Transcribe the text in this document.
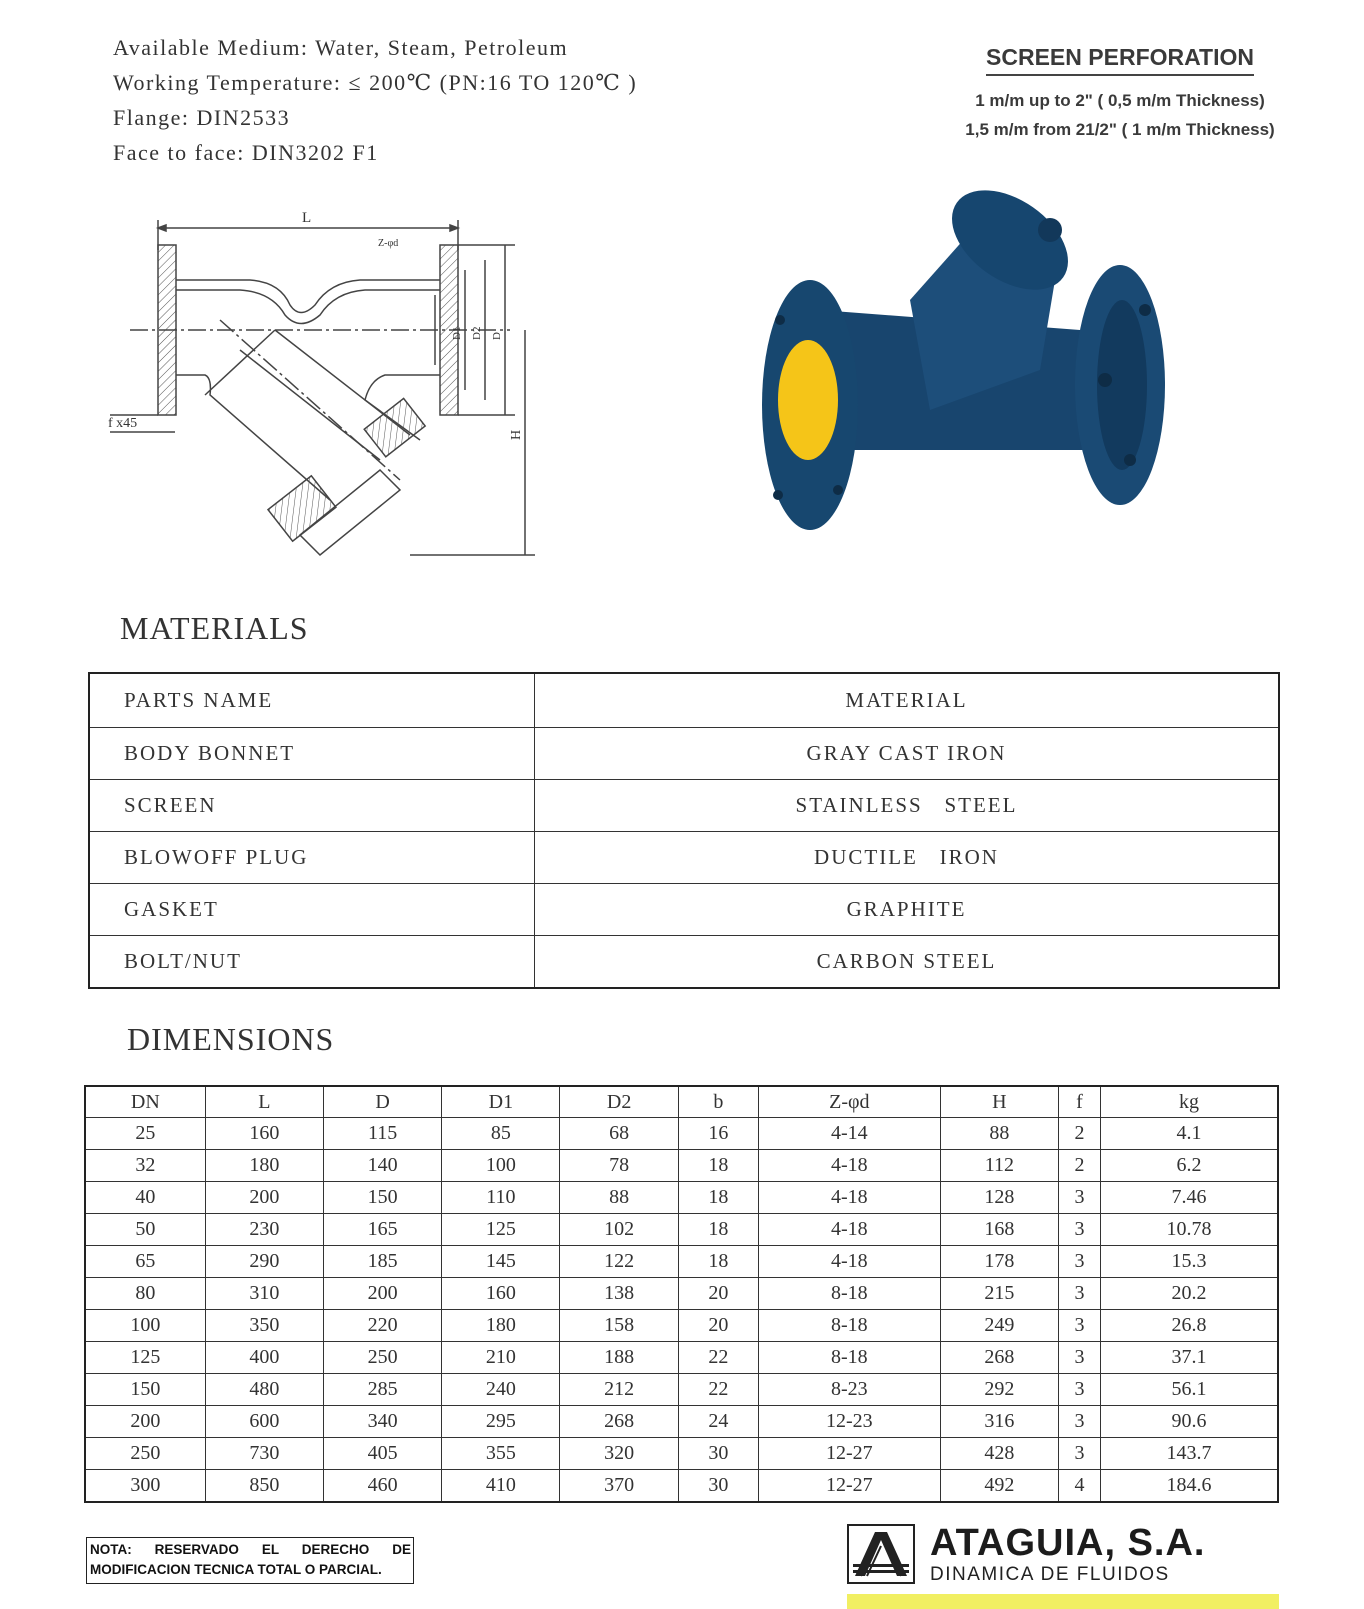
Available Medium: Water, Steam, Petroleum
Working Temperature: ≤ 200℃ (PN:16 TO 120℃ )
Flange: DIN2533
Face to face: DIN3202 F1
SCREEN PERFORATION
1 m/m up to 2" ( 0,5 m/m Thickness)
1,5 m/m from 21/2" ( 1 m/m Thickness)
L
Z-φd
D
D2
D1
H
f x45
MATERIALS
PARTS NAME	MATERIAL
BODY BONNET	GRAY CAST IRON
SCREEN	STAINLESS   STEEL
BLOWOFF PLUG	DUCTILE   IRON
GASKET	GRAPHITE
BOLT/NUT	CARBON STEEL
DIMENSIONS
DN	L	D	D1	D2	b	Z-φd	H	f	kg
25	160	115	85	68	16	4-14	88	2	4.1
32	180	140	100	78	18	4-18	112	2	6.2
40	200	150	110	88	18	4-18	128	3	7.46
50	230	165	125	102	18	4-18	168	3	10.78
65	290	185	145	122	18	4-18	178	3	15.3
80	310	200	160	138	20	8-18	215	3	20.2
100	350	220	180	158	20	8-18	249	3	26.8
125	400	250	210	188	22	8-18	268	3	37.1
150	480	285	240	212	22	8-23	292	3	56.1
200	600	340	295	268	24	12-23	316	3	90.6
250	730	405	355	320	30	12-27	428	3	143.7
300	850	460	410	370	30	12-27	492	4	184.6
NOTA:  RESERVADO  EL  DERECHO  DE
MODIFICACION TECNICA TOTAL O PARCIAL.
ATAGUIA, S.A.
DINAMICA DE FLUIDOS
